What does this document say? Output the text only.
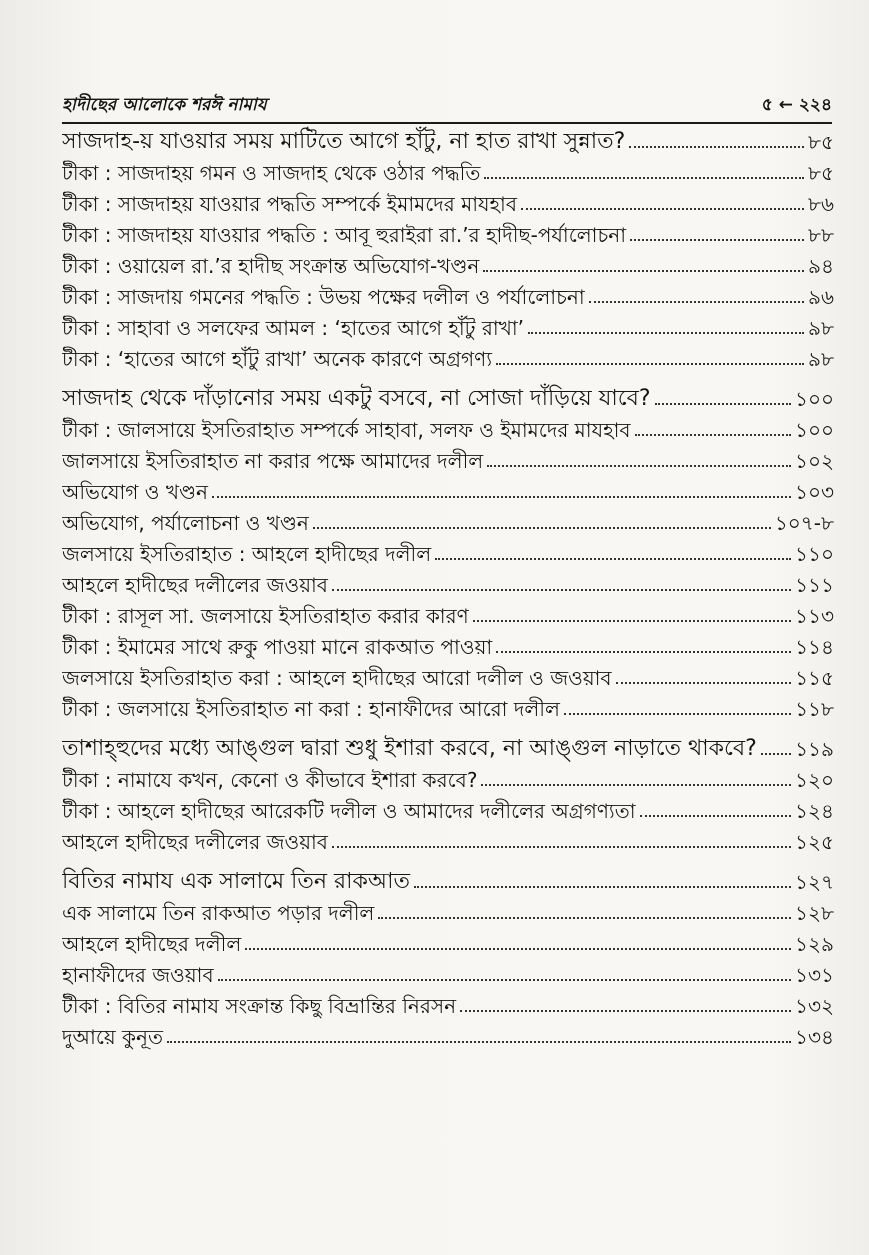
হাদীছের আলোকে শরঈ নামায	৫ ← ২২৪
সাজদাহ-য় যাওয়ার সময় মাটিতে আগে হাঁটু, না হাত রাখা সুন্নাত?	৮৫
টীকা : সাজদাহয় গমন ও সাজদাহ থেকে ওঠার পদ্ধতি	৮৫
টীকা : সাজদাহয় যাওয়ার পদ্ধতি সম্পর্কে ইমামদের মাযহাব	৮৬
টীকা : সাজদাহয় যাওয়ার পদ্ধতি : আবূ হুরাইরা রা.’র হাদীছ-পর্যালোচনা	৮৮
টীকা : ওয়ায়েল রা.’র হাদীছ সংক্রান্ত অভিযোগ-খণ্ডন	৯৪
টীকা : সাজদায় গমনের পদ্ধতি : উভয় পক্ষের দলীল ও পর্যালোচনা	৯৬
টীকা : সাহাবা ও সলফের আমল : ‘হাতের আগে হাঁটু রাখা’	৯৮
টীকা : ‘হাতের আগে হাঁটু রাখা’ অনেক কারণে অগ্রগণ্য	৯৮
সাজদাহ থেকে দাঁড়ানোর সময় একটু বসবে, না সোজা দাঁড়িয়ে যাবে?	১০০
টীকা : জালসায়ে ইসতিরাহাত সম্পর্কে সাহাবা, সলফ ও ইমামদের মাযহাব	১০০
জালসায়ে ইসতিরাহাত না করার পক্ষে আমাদের দলীল	১০২
অভিযোগ ও খণ্ডন	১০৩
অভিযোগ, পর্যালোচনা ও খণ্ডন	১০৭-৮
জলসায়ে ইসতিরাহাত : আহলে হাদীছের দলীল	১১০
আহলে হাদীছের দলীলের জওয়াব	১১১
টীকা : রাসূল সা. জলসায়ে ইসতিরাহাত করার কারণ	১১৩
টীকা : ইমামের সাথে রুকু পাওয়া মানে রাকআত পাওয়া	১১৪
জলসায়ে ইসতিরাহাত করা : আহলে হাদীছের আরো দলীল ও জওয়াব	১১৫
টীকা : জলসায়ে ইসতিরাহাত না করা : হানাফীদের আরো দলীল	১১৮
তাশাহ্হুদের মধ্যে আঙ্গুল দ্বারা শুধু ইশারা করবে, না আঙ্গুল নাড়াতে থাকবে? ১১৯
টীকা : নামাযে কখন, কেনো ও কীভাবে ইশারা করবে?	১২০
টীকা : আহলে হাদীছের আরেকটি দলীল ও আমাদের দলীলের অগ্রগণ্যতা	১২৪
আহলে হাদীছের দলীলের জওয়াব	১২৫
বিতির নামায এক সালামে তিন রাকআত	১২৭
এক সালামে তিন রাকআত পড়ার দলীল	১২৮
আহলে হাদীছের দলীল	১২৯
হানাফীদের জওয়াব	১৩১
টীকা : বিতির নামায সংক্রান্ত কিছু বিভ্রান্তির নিরসন	১৩২
দুআয়ে কুনূত	১৩৪
